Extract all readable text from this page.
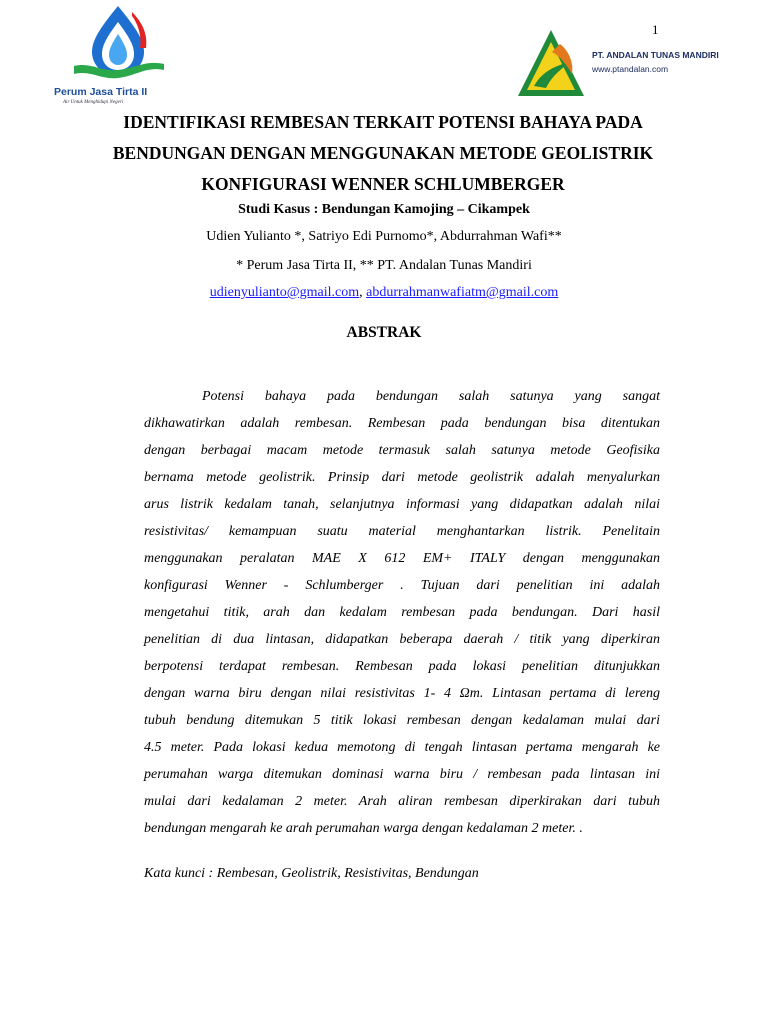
1
Perum Jasa Tirta II
Air Untuk Menghidupi Negeri
PT. ANDALAN TUNAS MANDIRI
www.ptandalan.com
IDENTIFIKASI REMBESAN TERKAIT POTENSI BAHAYA PADA
BENDUNGAN DENGAN MENGGUNAKAN METODE GEOLISTRIK
KONFIGURASI WENNER SCHLUMBERGER
Studi Kasus : Bendungan Kamojing – Cikampek
Udien Yulianto *, Satriyo Edi Purnomo*, Abdurrahman Wafi**
* Perum Jasa Tirta II, ** PT. Andalan Tunas Mandiri
udienyulianto@gmail.com, abdurrahmanwafiatm@gmail.com
ABSTRAK
Potensi bahaya pada bendungan salah satunya yang sangat
dikhawatirkan adalah rembesan. Rembesan pada bendungan bisa ditentukan
dengan berbagai macam metode termasuk salah satunya metode Geofisika
bernama metode geolistrik. Prinsip dari metode geolistrik adalah menyalurkan
arus listrik kedalam tanah, selanjutnya informasi yang didapatkan adalah nilai
resistivitas/ kemampuan suatu material menghantarkan listrik. Penelitain
menggunakan peralatan MAE X 612 EM+ ITALY dengan menggunakan
konfigurasi Wenner - Schlumberger . Tujuan dari penelitian ini adalah
mengetahui titik, arah dan kedalam rembesan pada bendungan. Dari hasil
penelitian di dua lintasan, didapatkan beberapa daerah / titik yang diperkiran
berpotensi terdapat rembesan. Rembesan pada lokasi penelitian ditunjukkan
dengan warna biru dengan nilai resistivitas 1- 4 Ωm. Lintasan pertama di lereng
tubuh bendung ditemukan 5 titik lokasi rembesan dengan kedalaman mulai dari
4.5 meter. Pada lokasi kedua memotong di tengah lintasan pertama mengarah ke
perumahan warga ditemukan dominasi warna biru / rembesan pada lintasan ini
mulai dari kedalaman 2 meter. Arah aliran rembesan diperkirakan dari tubuh
bendungan mengarah ke arah perumahan warga dengan kedalaman 2 meter. .
Kata kunci : Rembesan, Geolistrik, Resistivitas, Bendungan
